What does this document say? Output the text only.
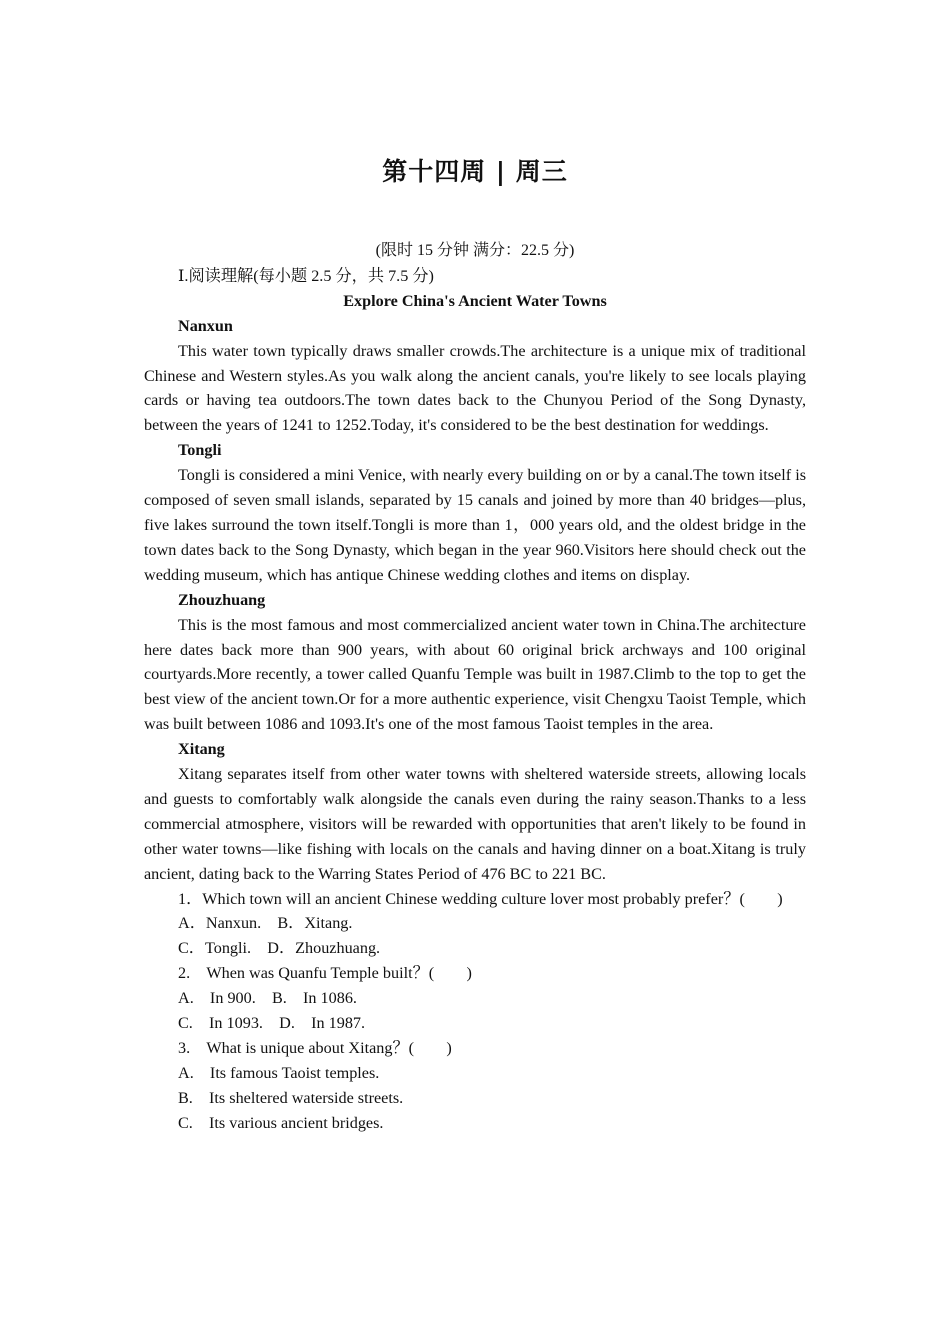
第十四周 | 周三
(限时 15 分钟 满分：22.5 分)
Ⅰ.阅读理解(每小题 2.5 分，共 7.5 分)
Explore China's Ancient Water Towns
Nanxun
This water town typically draws smaller crowds.The architecture is a unique mix of traditional Chinese and Western styles.As you walk along the ancient canals, you're likely to see locals playing cards or having tea outdoors.The town dates back to the Chunyou Period of the Song Dynasty, between the years of 1241 to 1252.Today, it's considered to be the best destination for weddings.
Tongli
Tongli is considered a mini Venice, with nearly every building on or by a canal.The town itself is composed of seven small islands, separated by 15 canals and joined by more than 40 bridges—plus, five lakes surround the town itself.Tongli is more than 1，000 years old, and the oldest bridge in the town dates back to the Song Dynasty, which began in the year 960.Visitors here should check out the wedding museum, which has antique Chinese wedding clothes and items on display.
Zhouzhuang
This is the most famous and most commercialized ancient water town in China.The architecture here dates back more than 900 years, with about 60 original brick archways and 100 original courtyards.More recently, a tower called Quanfu Temple was built in 1987.Climb to the top to get the best view of the ancient town.Or for a more authentic experience, visit Chengxu Taoist Temple, which was built between 1086 and 1093.It's one of the most famous Taoist temples in the area.
Xitang
Xitang separates itself from other water towns with sheltered waterside streets, allowing locals and guests to comfortably walk alongside the canals even during the rainy season.Thanks to a less commercial atmosphere, visitors will be rewarded with opportunities that aren't likely to be found in other water towns—like fishing with locals on the canals and having dinner on a boat.Xitang is truly ancient, dating back to the Warring States Period of 476 BC to 221 BC.
1．Which town will an ancient Chinese wedding culture lover most probably prefer？(　　)
A．Nanxun.　B．Xitang.
C．Tongli.　D．Zhouzhuang.
2.　When was Quanfu Temple built？(　　)
A.　In 900.　B.　In 1086.
C.　In 1093.　D.　In 1987.
3.　What is unique about Xitang？(　　)
A.　Its famous Taoist temples.
B.　Its sheltered waterside streets.
C.　Its various ancient bridges.
